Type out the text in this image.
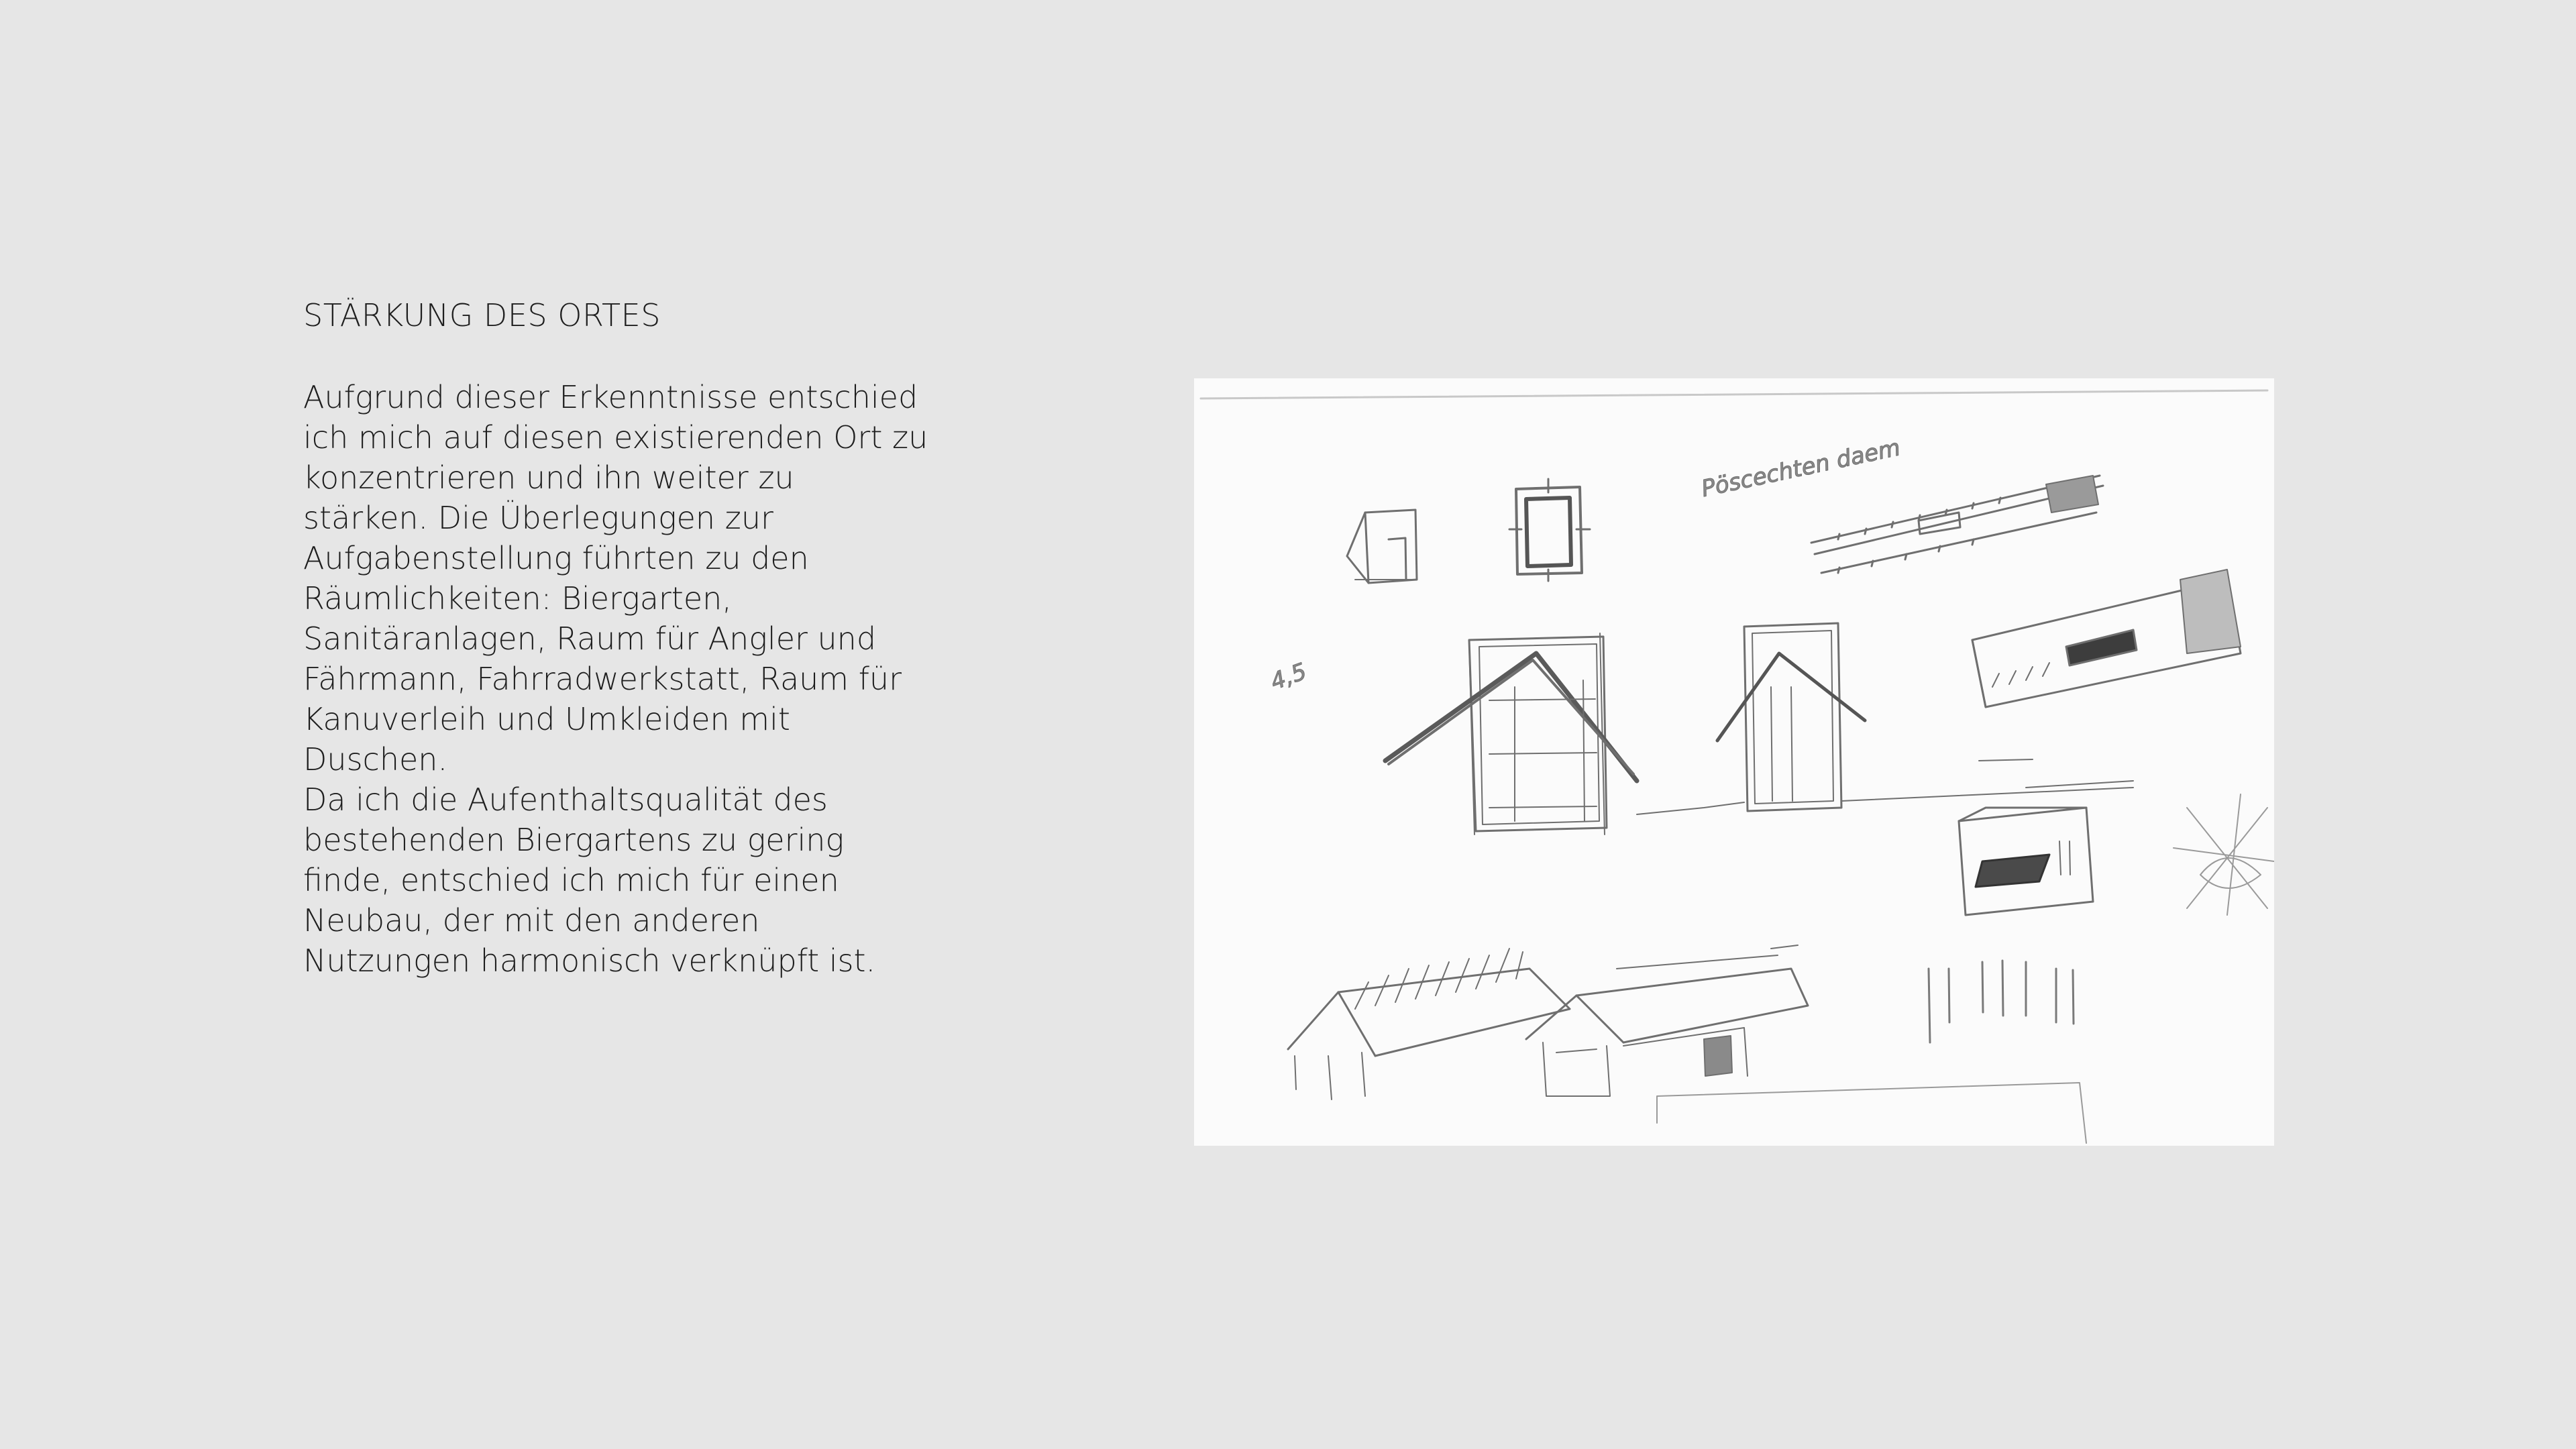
STÄRKUNG DES ORTES
Aufgrund dieser Erkenntnisse entschied
ich mich auf diesen existierenden Ort zu
konzentrieren und ihn weiter zu
stärken. Die Überlegungen zur
Aufgabenstellung führten zu den
Räumlichkeiten: Biergarten,
Sanitäranlagen, Raum für Angler und
Fährmann, Fahrradwerkstatt, Raum für
Kanuverleih und Umkleiden mit
Duschen.
Da ich die Aufenthaltsqualität des
bestehenden Biergartens zu gering
finde, entschied ich mich für einen
Neubau, der mit den anderen
Nutzungen harmonisch verknüpft ist.
Pöscechten daem
4,5
